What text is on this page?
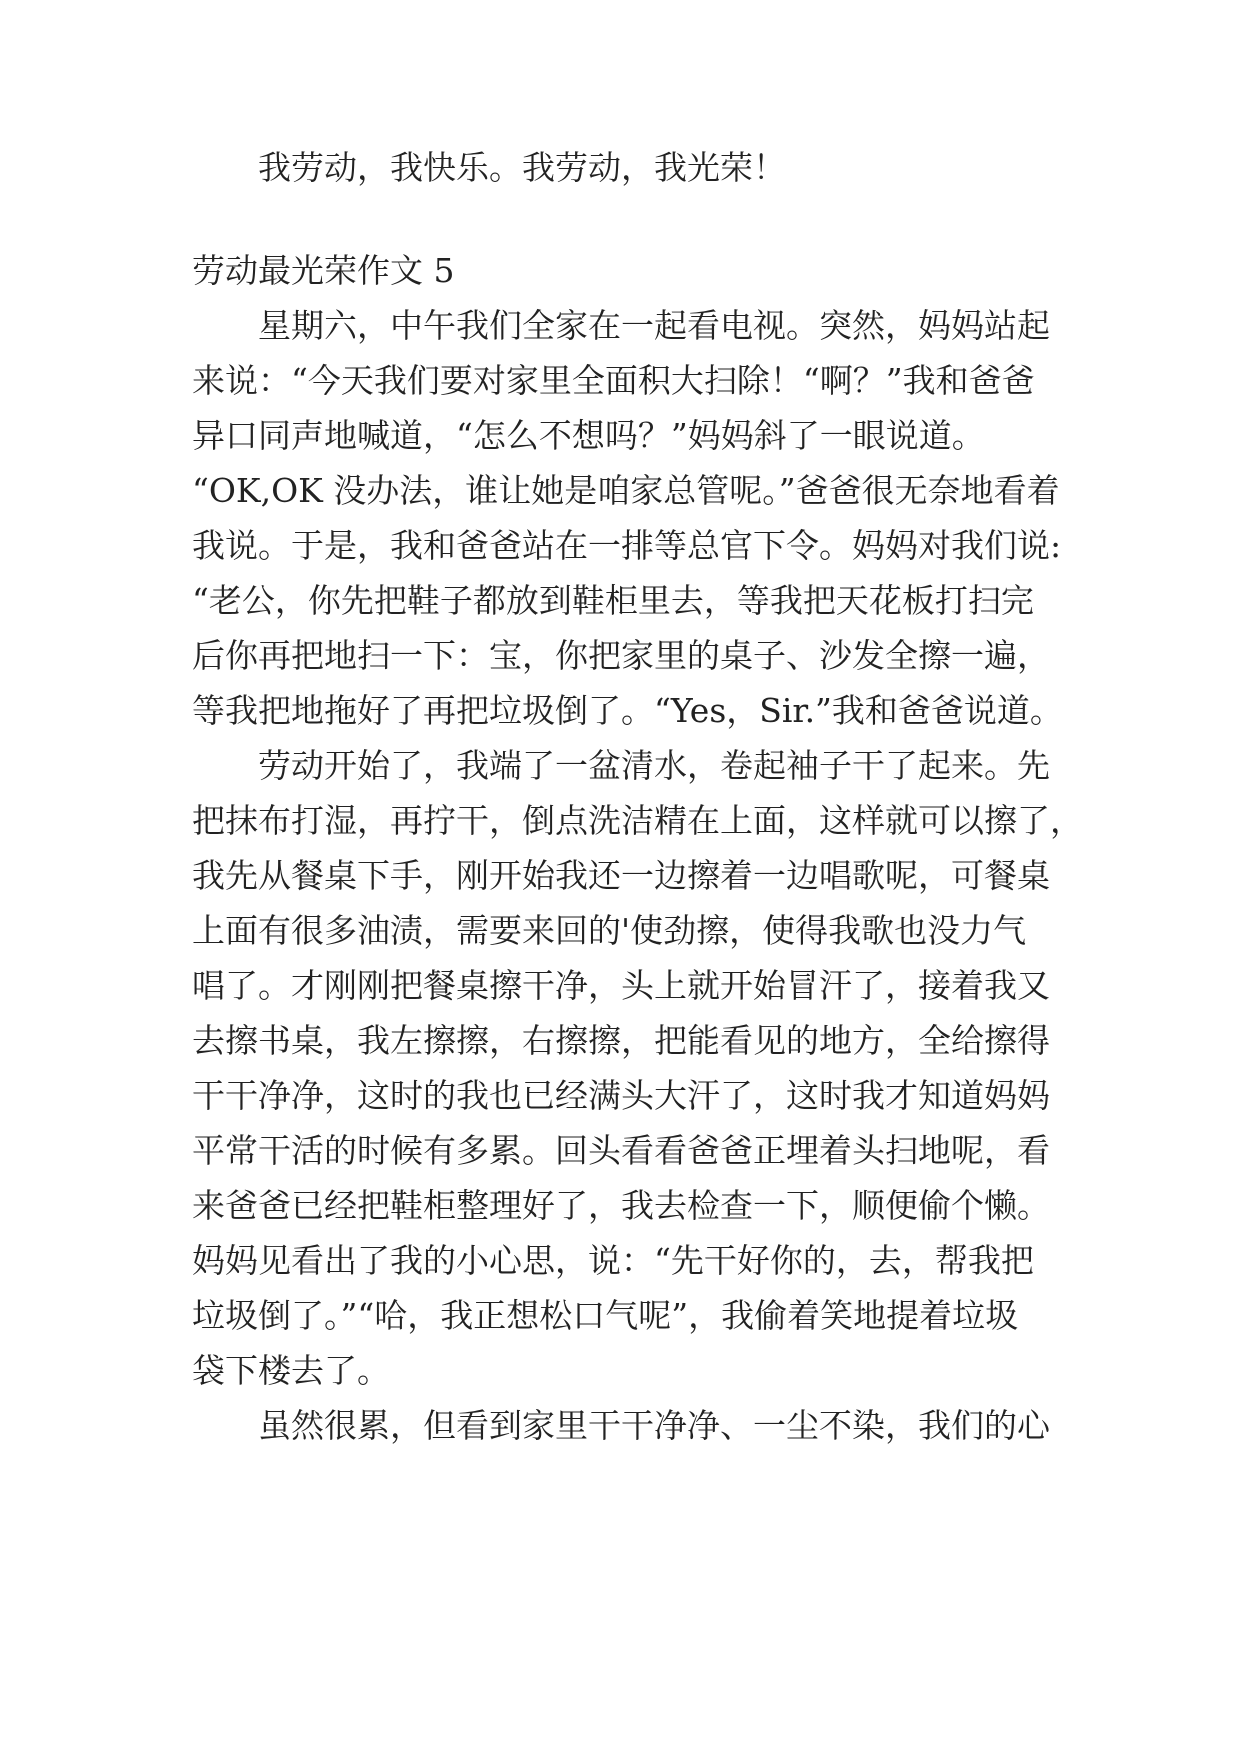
我劳动，我快乐。我劳动，我光荣！
劳动最光荣作文 5
星期六，中午我们全家在一起看电视。突然，妈妈站起
来说：“今天我们要对家里全面积大扫除！“啊？”我和爸爸
异口同声地喊道，“怎么不想吗？”妈妈斜了一眼说道。
“OK,OK 没办法，谁让她是咱家总管呢。”爸爸很无奈地看着
我说。于是，我和爸爸站在一排等总官下令。妈妈对我们说:
“老公，你先把鞋子都放到鞋柜里去，等我把天花板打扫完
后你再把地扫一下：宝，你把家里的桌子、沙发全擦一遍，
等我把地拖好了再把垃圾倒了。“Yes，Sir.”我和爸爸说道。
劳动开始了，我端了一盆清水，卷起袖子干了起来。先
把抹布打湿，再拧干，倒点洗洁精在上面，这样就可以擦了，
我先从餐桌下手，刚开始我还一边擦着一边唱歌呢，可餐桌
上面有很多油渍，需要来回的'使劲擦，使得我歌也没力气
唱了。才刚刚把餐桌擦干净，头上就开始冒汗了，接着我又
去擦书桌，我左擦擦，右擦擦，把能看见的地方，全给擦得
干干净净，这时的我也已经满头大汗了，这时我才知道妈妈
平常干活的时候有多累。回头看看爸爸正埋着头扫地呢，看
来爸爸已经把鞋柜整理好了，我去检查一下，顺便偷个懒。
妈妈见看出了我的小心思，说：“先干好你的，去，帮我把
垃圾倒了。”“哈，我正想松口气呢”，我偷着笑地提着垃圾
袋下楼去了。
虽然很累，但看到家里干干净净、一尘不染，我们的心
